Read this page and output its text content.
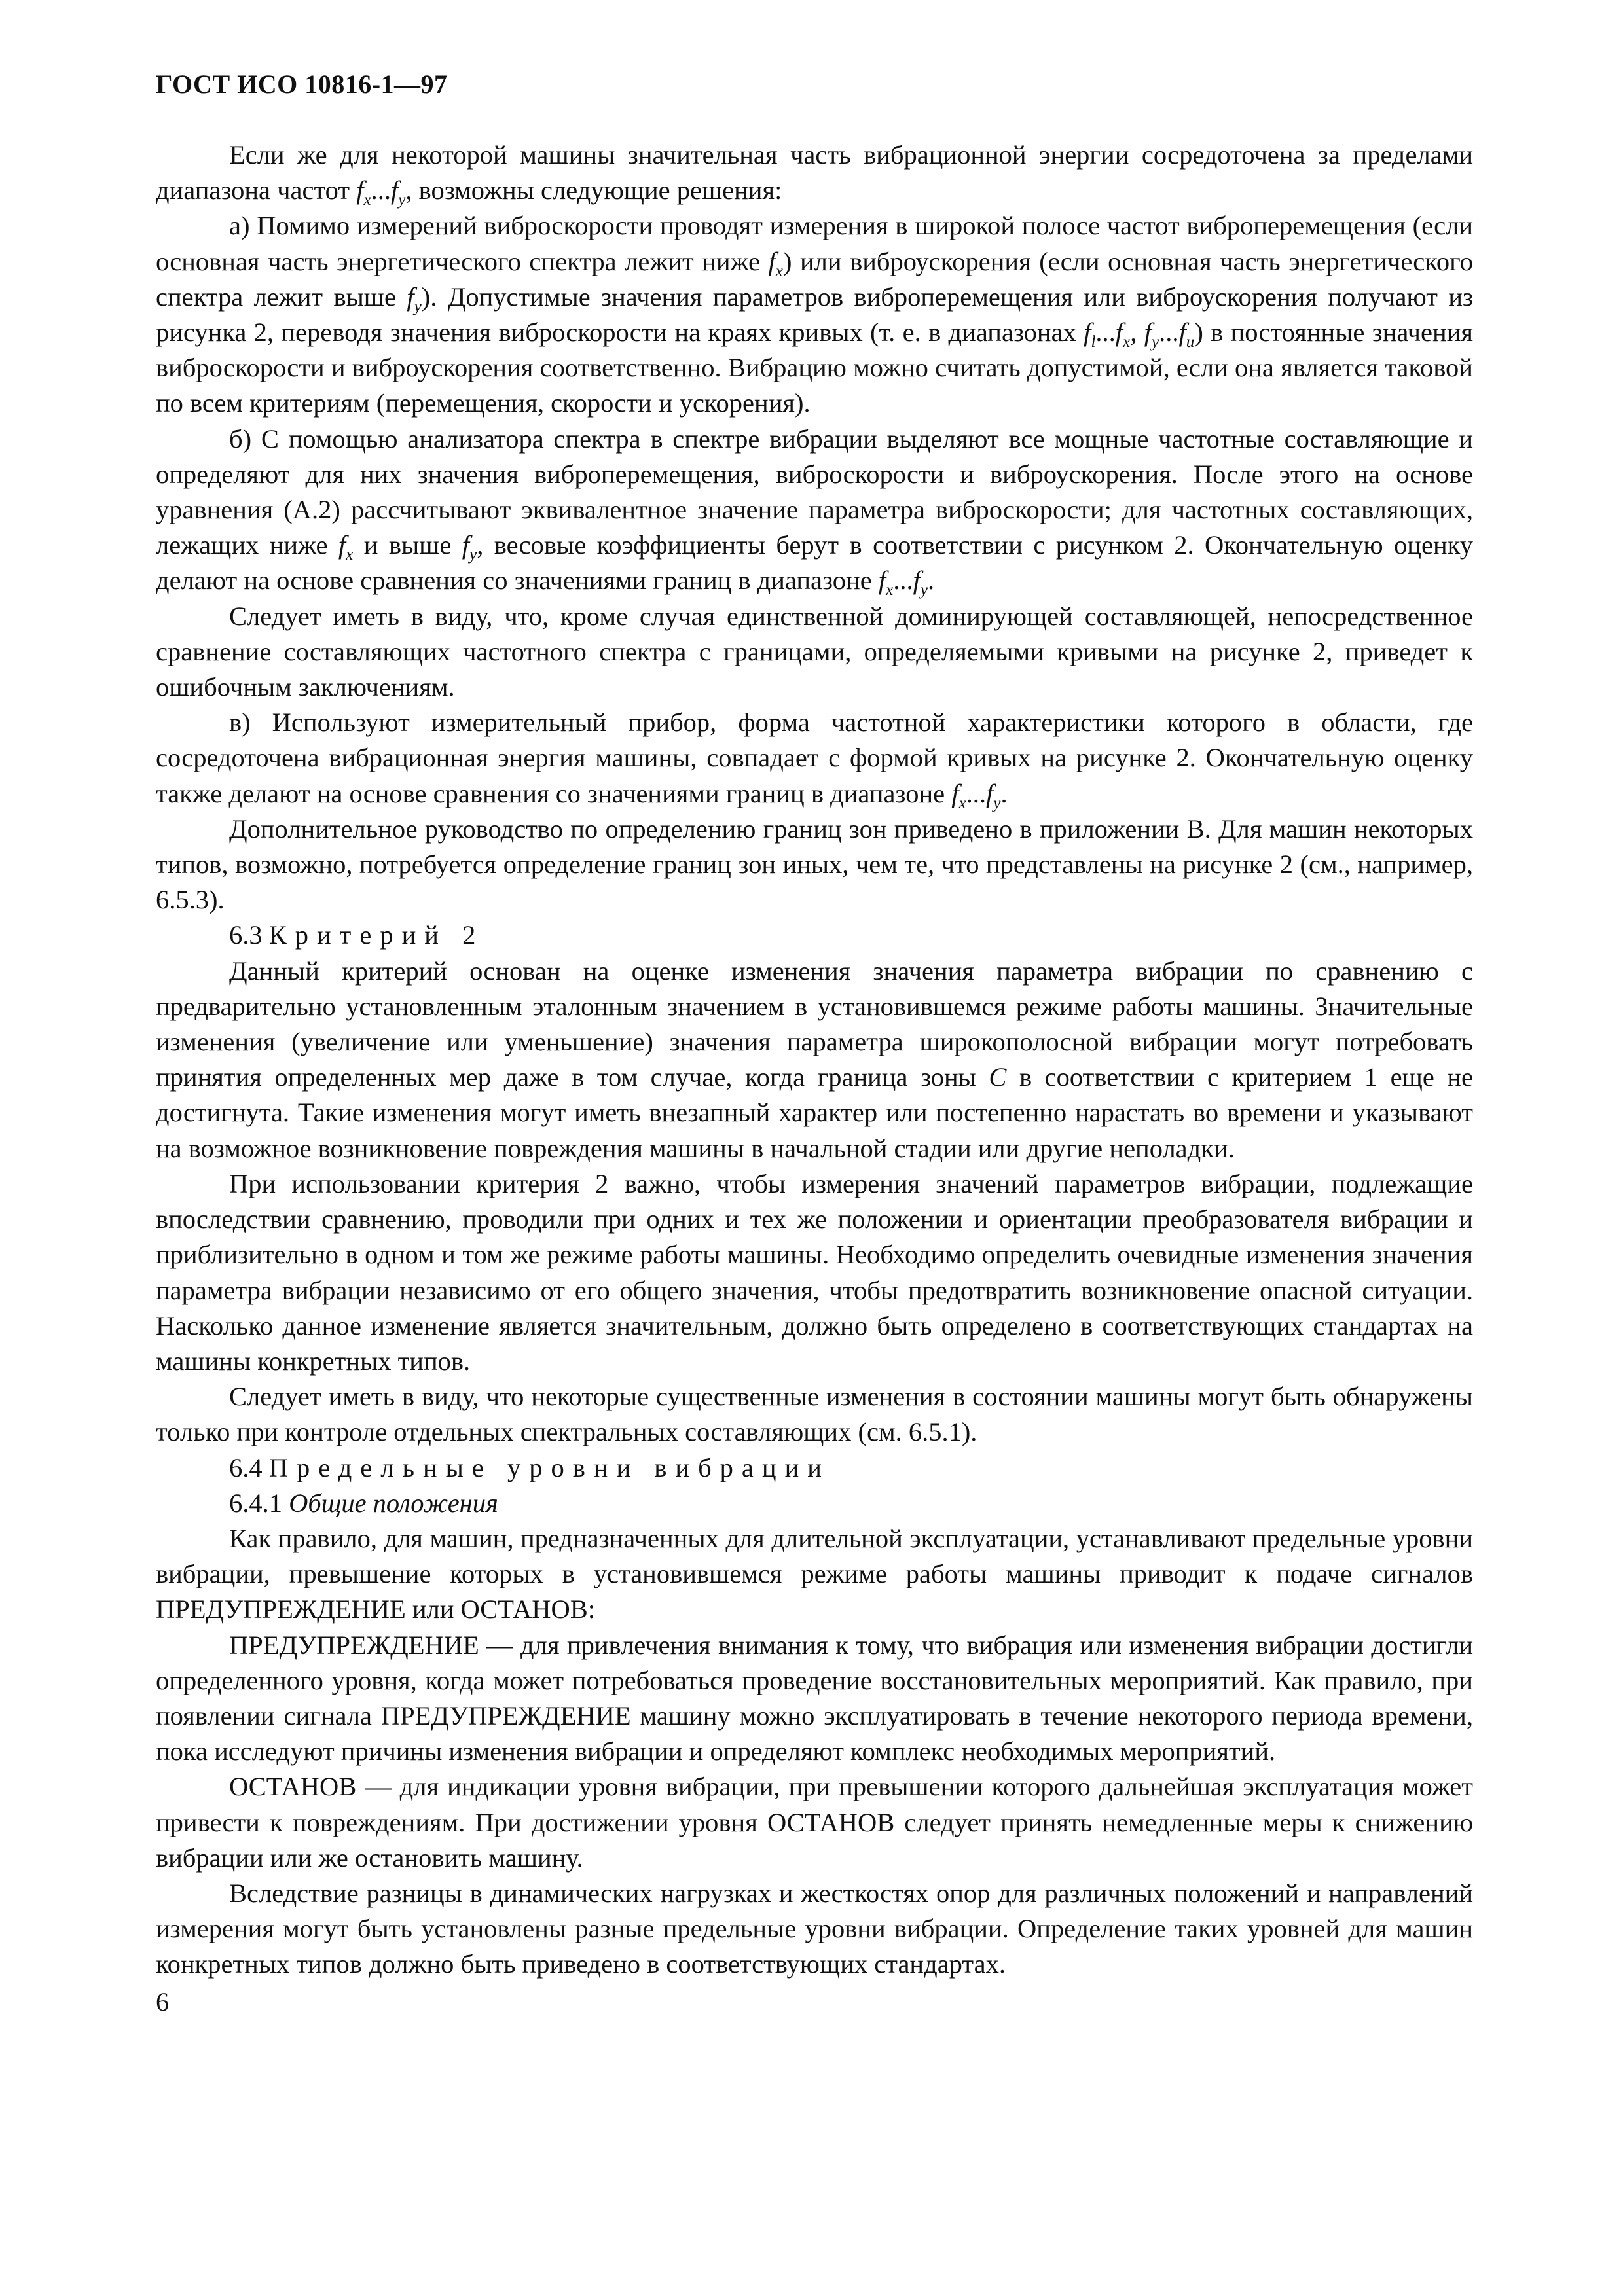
ГОСТ ИСО 10816-1—97

Если же для некоторой машины значительная часть вибрационной энергии сосредоточена за пределами диапазона частот $f_x...f_y$, возможны следующие решения:

а) Помимо измерений виброскорости проводят измерения в широкой полосе частот виброперемещения (если основная часть энергетического спектра лежит ниже $f_x$) или виброускорения (если основная часть энергетического спектра лежит выше $f_y$). Допустимые значения параметров виброперемещения или виброускорения получают из рисунка 2, переводя значения виброскорости на краях кривых (т. е. в диапазонах $f_l...f_x$, $f_y...f_u$) в постоянные значения виброскорости и виброускорения соответственно. Вибрацию можно считать допустимой, если она является таковой по всем критериям (перемещения, скорости и ускорения).

б) С помощью анализатора спектра в спектре вибрации выделяют все мощные частотные составляющие и определяют для них значения виброперемещения, виброскорости и виброускорения. После этого на основе уравнения (А.2) рассчитывают эквивалентное значение параметра виброскорости; для частотных составляющих, лежащих ниже $f_x$ и выше $f_y$, весовые коэффициенты берут в соответствии с рисунком 2. Окончательную оценку делают на основе сравнения со значениями границ в диапазоне $f_x...f_y$.

Следует иметь в виду, что, кроме случая единственной доминирующей составляющей, непосредственное сравнение составляющих частотного спектра с границами, определяемыми кривыми на рисунке 2, приведет к ошибочным заключениям.

в) Используют измерительный прибор, форма частотной характеристики которого в области, где сосредоточена вибрационная энергия машины, совпадает с формой кривых на рисунке 2. Окончательную оценку также делают на основе сравнения со значениями границ в диапазоне $f_x...f_y$.

Дополнительное руководство по определению границ зон приведено в приложении В. Для машин некоторых типов, возможно, потребуется определение границ зон иных, чем те, что представлены на рисунке 2 (см., например, 6.5.3).

6.3 Критерий 2

Данный критерий основан на оценке изменения значения параметра вибрации по сравнению с предварительно установленным эталонным значением в установившемся режиме работы машины. Значительные изменения (увеличение или уменьшение) значения параметра широкополосной вибрации могут потребовать принятия определенных мер даже в том случае, когда граница зоны С в соответствии с критерием 1 еще не достигнута. Такие изменения могут иметь внезапный характер или постепенно нарастать во времени и указывают на возможное возникновение повреждения машины в начальной стадии или другие неполадки.

При использовании критерия 2 важно, чтобы измерения значений параметров вибрации, подлежащие впоследствии сравнению, проводили при одних и тех же положении и ориентации преобразователя вибрации и приблизительно в одном и том же режиме работы машины. Необходимо определить очевидные изменения значения параметра вибрации независимо от его общего значения, чтобы предотвратить возникновение опасной ситуации. Насколько данное изменение является значительным, должно быть определено в соответствующих стандартах на машины конкретных типов.

Следует иметь в виду, что некоторые существенные изменения в состоянии машины могут быть обнаружены только при контроле отдельных спектральных составляющих (см. 6.5.1).

6.4 Предельные уровни вибрации

6.4.1 Общие положения

Как правило, для машин, предназначенных для длительной эксплуатации, устанавливают предельные уровни вибрации, превышение которых в установившемся режиме работы машины приводит к подаче сигналов ПРЕДУПРЕЖДЕНИЕ или ОСТАНОВ:

ПРЕДУПРЕЖДЕНИЕ — для привлечения внимания к тому, что вибрация или изменения вибрации достигли определенного уровня, когда может потребоваться проведение восстановительных мероприятий. Как правило, при появлении сигнала ПРЕДУПРЕЖДЕНИЕ машину можно эксплуатировать в течение некоторого периода времени, пока исследуют причины изменения вибрации и определяют комплекс необходимых мероприятий.

ОСТАНОВ — для индикации уровня вибрации, при превышении которого дальнейшая эксплуатация может привести к повреждениям. При достижении уровня ОСТАНОВ следует принять немедленные меры к снижению вибрации или же остановить машину.

Вследствие разницы в динамических нагрузках и жесткостях опор для различных положений и направлений измерения могут быть установлены разные предельные уровни вибрации. Определение таких уровней для машин конкретных типов должно быть приведено в соответствующих стандартах.

6
